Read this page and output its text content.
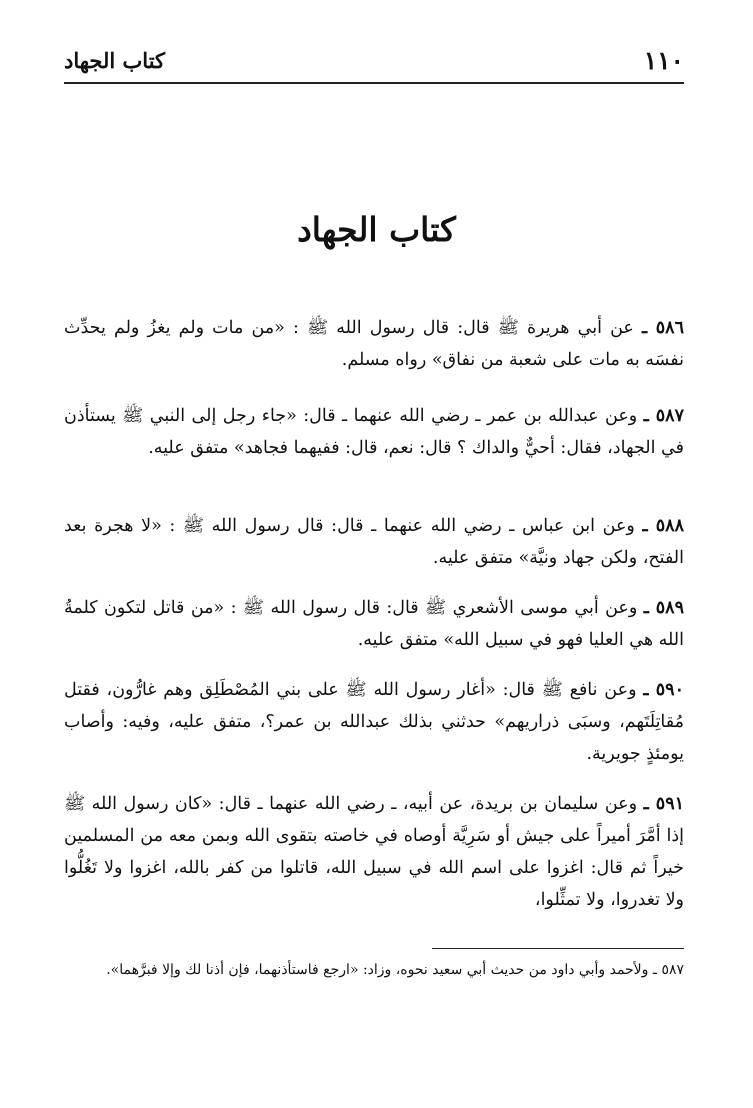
١١٠
كتاب الجهاد
كتاب الجهاد

٥٨٦ ـ عن أبي هريرة ﷺ قال: قال رسول الله ﷺ : «من مات ولم يغزُ ولم يحدِّث نفسَه به مات على شعبة من نفاق» رواه مسلم.

٥٨٧ ـ وعن عبدالله بن عمر ـ رضي الله عنهما ـ قال: «جاء رجل إلى النبي ﷺ يستأذن في الجهاد، فقال: أحيٌّ والداك ؟ قال: نعم، قال: ففيهما فجاهد» متفق عليه.

٥٨٨ ـ وعن ابن عباس ـ رضي الله عنهما ـ قال: قال رسول الله ﷺ : «لا هجرة بعد الفتح، ولكن جهاد ونيَّة» متفق عليه.

٥٨٩ ـ وعن أبي موسى الأشعري ﷺ قال: قال رسول الله ﷺ : «من قاتل لتكون كلمةُ الله هي العليا فهو في سبيل الله» متفق عليه.

٥٩٠ ـ وعن نافع ﷺ قال: «أغار رسول الله ﷺ على بني المُصْطَلِق وهم غارُّون، فقتل مُقاتِلَتَهم، وسبَى ذراريهم» حدثني بذلك عبدالله بن عمر؟، متفق عليه، وفيه: وأصاب يومئذٍ جويرية.

٥٩١ ـ وعن سليمان بن بريدة، عن أبيه، ـ رضي الله عنهما ـ قال: «كان رسول الله ﷺ إذا أمَّرَ أميراً على جيش أو سَرِيَّة أوصاه في خاصته بتقوى الله وبمن معه من المسلمين خيراً ثم قال: اغزوا على اسم الله في سبيل الله، قاتلوا من كفر بالله، اغزوا ولا تَغُلُّوا ولا تغدروا، ولا تمثِّلوا،

٥٨٧ ـ ولأحمد وأبي داود من حديث أبي سعيد نحوه، وزاد: «ارجع فاستأذنهما، فإن أذنا لك وإلا فبرَّهما».
